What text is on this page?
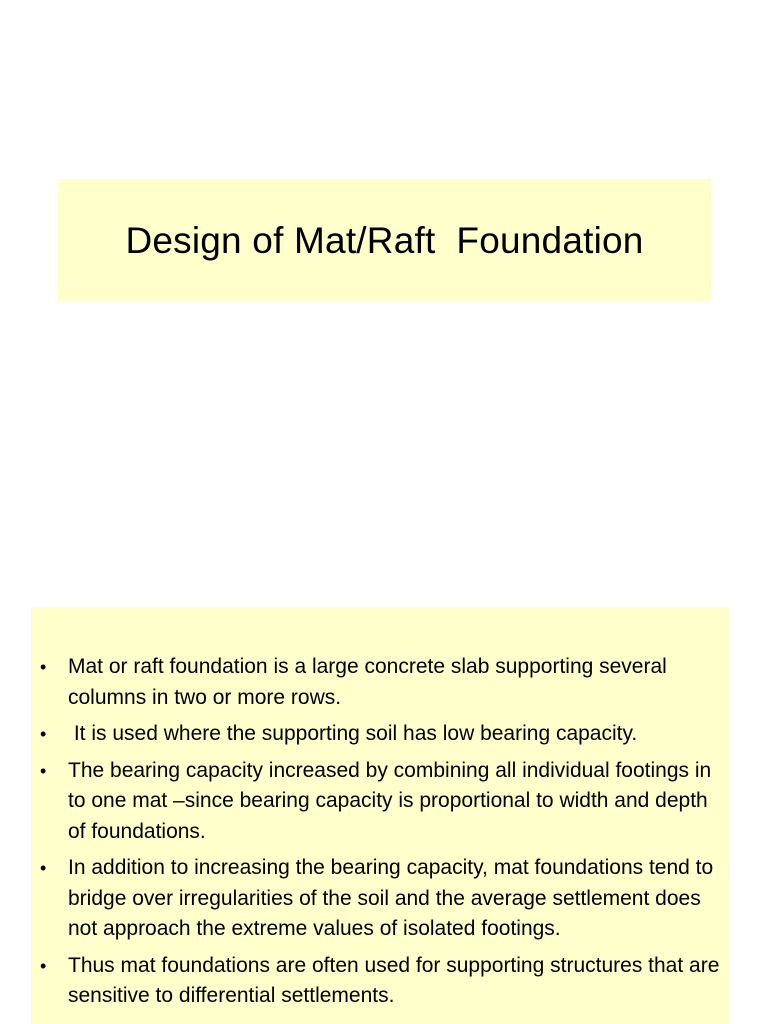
Design of Mat/Raft  Foundation
• Mat or raft foundation is a large concrete slab supporting several columns in two or more rows.
• It is used where the supporting soil has low bearing capacity.
• The bearing capacity increased by combining all individual footings in to one mat –since bearing capacity is proportional to width and depth of foundations.
• In addition to increasing the bearing capacity, mat foundations tend to bridge over irregularities of the soil and the average settlement does not approach the extreme values of isolated footings.
• Thus mat foundations are often used for supporting structures that are sensitive to differential settlements.
